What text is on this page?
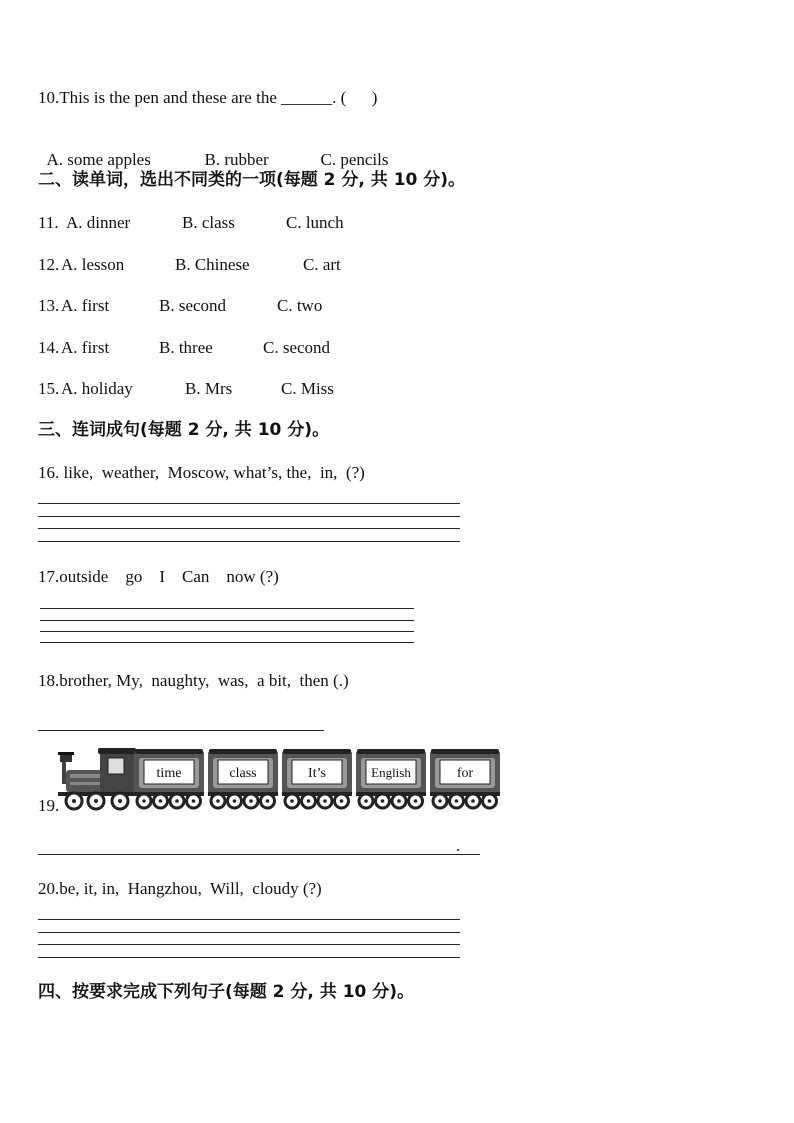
10.This is the pen and these are the ______. (      )

A. some apples	B. rubber	C. pencils

二、读单词，选出不同类的一项(每题 2 分, 共 10 分)。
11. A. dinner	B. class	C. lunch
12. A. lesson	B. Chinese	C. art
13. A. first	B. second	C. two
14. A. first	B. three	C. second
15. A. holiday	B. Mrs	C. Miss
三、连词成句(每题 2 分, 共 10 分)。
16. like,  weather,  Moscow, what’s, the,  in,  (?)
17.outside    go    I    Can    now (?)
18.brother, My,  naughty,  was,  a bit,  then (.)
19.
time	class	It’s	English	for
.
20.be, it, in,  Hangzhou,  Will,  cloudy (?)
四、按要求完成下列句子(每题 2 分, 共 10 分)。
